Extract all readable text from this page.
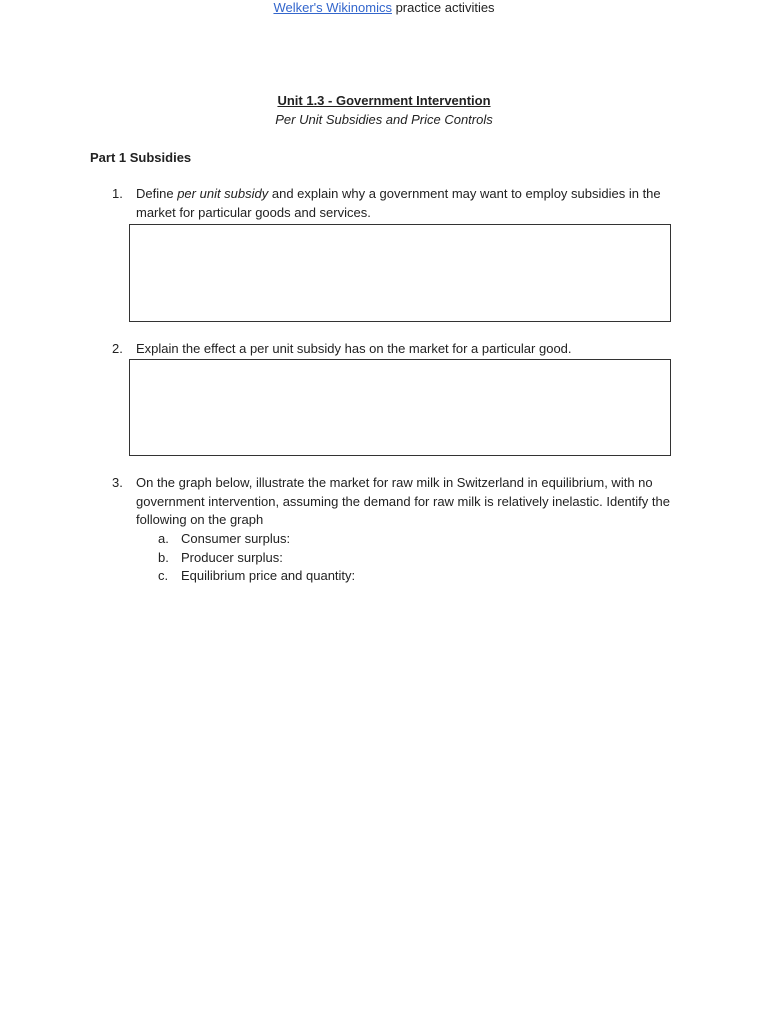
Welker's Wikinomics practice activities
Unit 1.3 - Government Intervention
Per Unit Subsidies and Price Controls
Part 1 Subsidies
1. Define per unit subsidy and explain why a government may want to employ subsidies in the market for particular goods and services.
2. Explain the effect a per unit subsidy has on the market for a particular good.
3. On the graph below, illustrate the market for raw milk in Switzerland in equilibrium, with no government intervention, assuming the demand for raw milk is relatively inelastic. Identify the following on the graph
a. Consumer surplus:
b. Producer surplus:
c. Equilibrium price and quantity:
